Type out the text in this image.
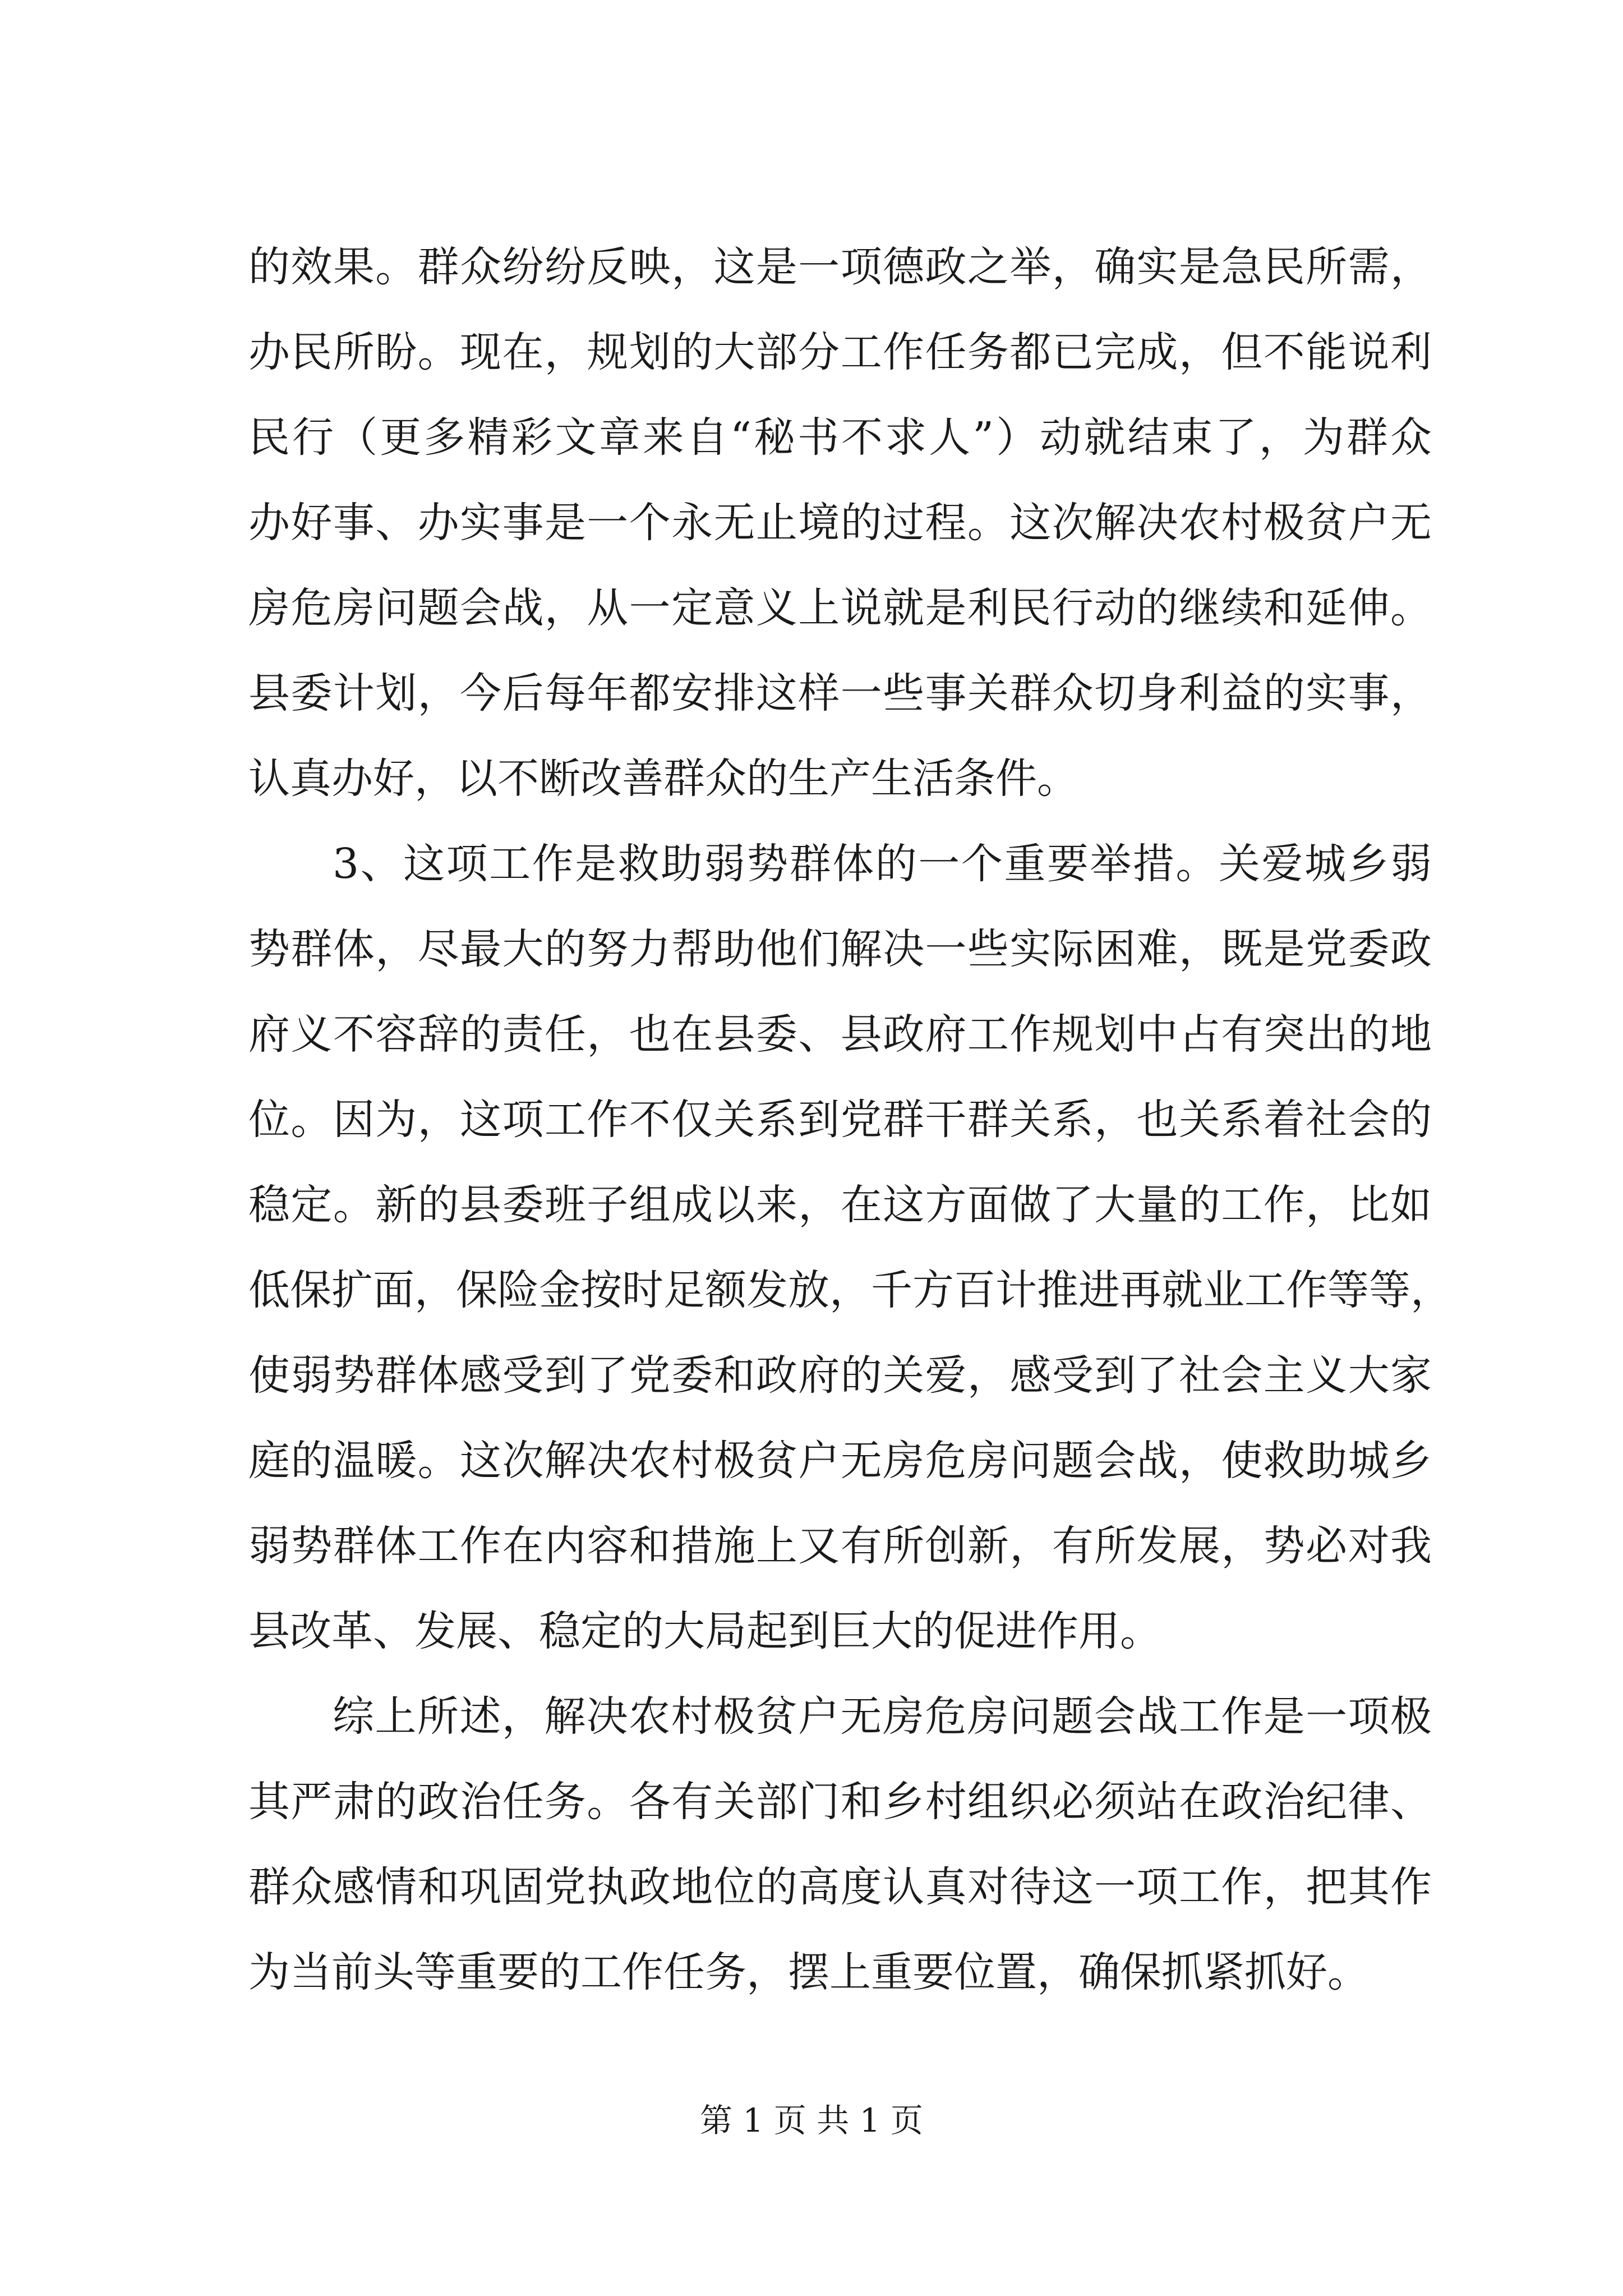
的效果。群众纷纷反映，这是一项德政之举，确实是急民所需，
办民所盼。现在，规划的大部分工作任务都已完成，但不能说利
民行（更多精彩文章来自“秘书不求人”）动就结束了，为群众
办好事、办实事是一个永无止境的过程。这次解决农村极贫户无
房危房问题会战，从一定意义上说就是利民行动的继续和延伸。
县委计划，今后每年都安排这样一些事关群众切身利益的实事，
认真办好，以不断改善群众的生产生活条件。
3、这项工作是救助弱势群体的一个重要举措。关爱城乡弱
势群体，尽最大的努力帮助他们解决一些实际困难，既是党委政
府义不容辞的责任，也在县委、县政府工作规划中占有突出的地
位。因为，这项工作不仅关系到党群干群关系，也关系着社会的
稳定。新的县委班子组成以来，在这方面做了大量的工作，比如
低保扩面，保险金按时足额发放，千方百计推进再就业工作等等，
使弱势群体感受到了党委和政府的关爱，感受到了社会主义大家
庭的温暖。这次解决农村极贫户无房危房问题会战，使救助城乡
弱势群体工作在内容和措施上又有所创新，有所发展，势必对我
县改革、发展、稳定的大局起到巨大的促进作用。
综上所述，解决农村极贫户无房危房问题会战工作是一项极
其严肃的政治任务。各有关部门和乡村组织必须站在政治纪律、
群众感情和巩固党执政地位的高度认真对待这一项工作，把其作
为当前头等重要的工作任务，摆上重要位置，确保抓紧抓好。
第 1 页 共 1 页
